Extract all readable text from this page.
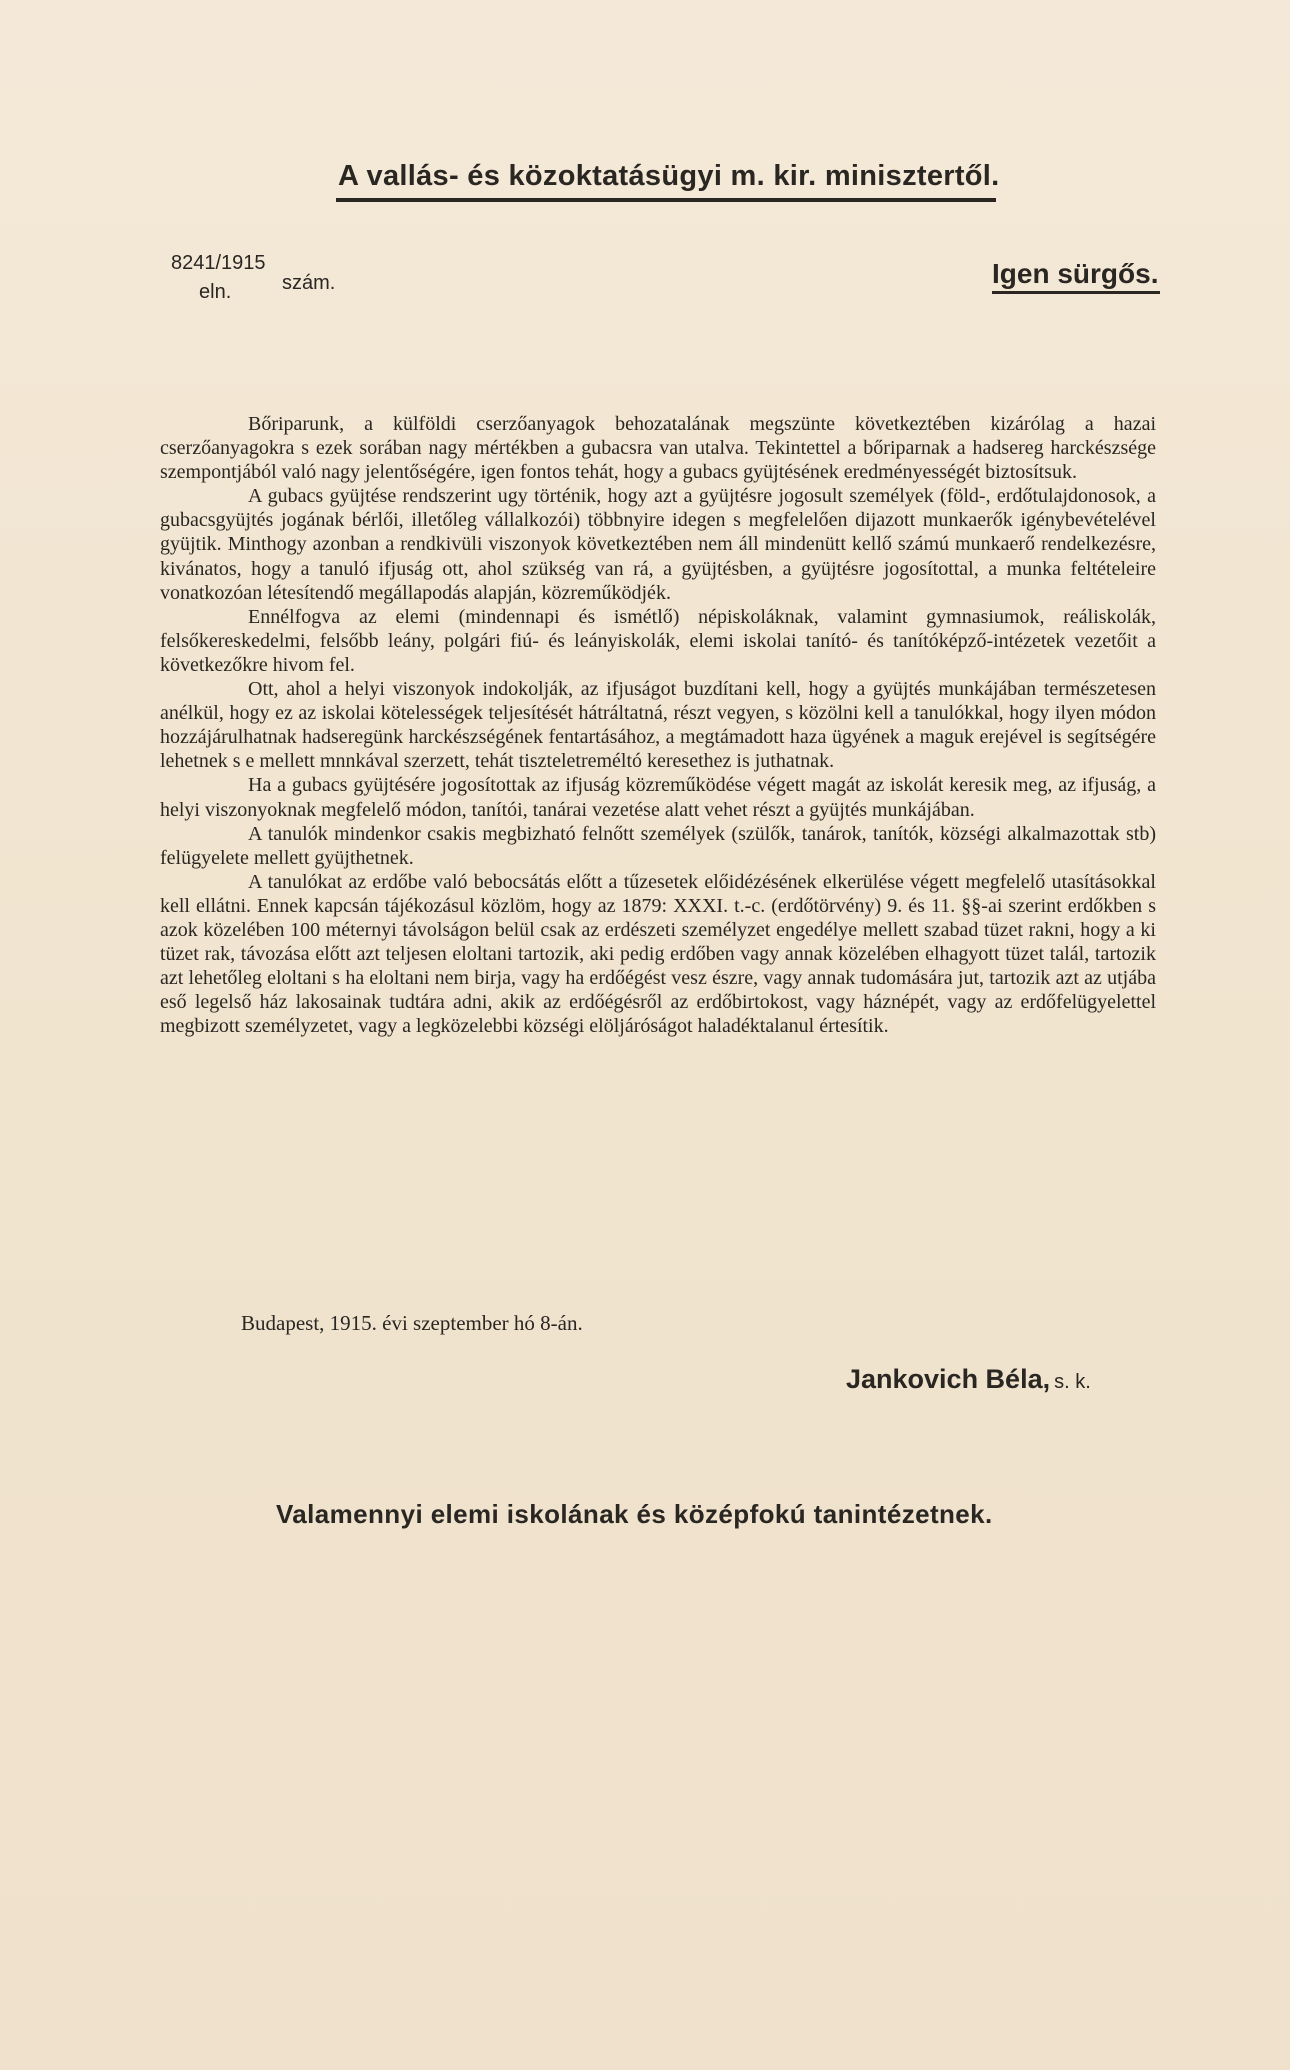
A vallás- és közoktatásügyi m. kir. minisztertől.
8241/1915
eln.	szám.	Igen sürgős.

Bőriparunk, a külföldi cserzőanyagok behozatalának megszünte következtében kizárólag a hazai cserzőanyagokra s ezek sorában nagy mértékben a gubacsra van utalva. Tekintettel a bőriparnak a hadsereg harckészsége szempontjából való nagy jelentőségére, igen fontos tehát, hogy a gubacs gyüjtésének eredményességét biztosítsuk.

A gubacs gyüjtése rendszerint ugy történik, hogy azt a gyüjtésre jogosult személyek (föld-, erdőtulajdonosok, a gubacsgyüjtés jogának bérlői, illetőleg vállalkozói) többnyire idegen s megfelelően dijazott munkaerők igénybevételével gyüjtik. Minthogy azonban a rendkivüli viszonyok következtében nem áll mindenütt kellő számú munkaerő rendelkezésre, kivánatos, hogy a tanuló ifjuság ott, ahol szükség van rá, a gyüjtésben, a gyüjtésre jogosítottal, a munka feltételeire vonatkozóan létesítendő megállapodás alapján, közreműködjék.

Ennélfogva az elemi (mindennapi és ismétlő) népiskoláknak, valamint gymnasiumok, reáliskolák, felsőkereskedelmi, felsőbb leány, polgári fiú- és leányiskolák, elemi iskolai tanító- és tanítóképző-intézetek vezetőit a következőkre hivom fel.

Ott, ahol a helyi viszonyok indokolják, az ifjuságot buzdítani kell, hogy a gyüjtés munkájában természetesen anélkül, hogy ez az iskolai kötelességek teljesítését hátráltatná, részt vegyen, s közölni kell a tanulókkal, hogy ilyen módon hozzájárulhatnak hadseregünk harckészségének fentartásához, a megtámadott haza ügyének a maguk erejével is segítségére lehetnek s e mellett mnnkával szerzett, tehát tiszteletreméltó keresethez is juthatnak.

Ha a gubacs gyüjtésére jogosítottak az ifjuság közreműködése végett magát az iskolát keresik meg, az ifjuság, a helyi viszonyoknak megfelelő módon, tanítói, tanárai vezetése alatt vehet részt a gyüjtés munkájában.

A tanulók mindenkor csakis megbizható felnőtt személyek (szülők, tanárok, tanítók, községi alkalmazottak stb) felügyelete mellett gyüjthetnek.

A tanulókat az erdőbe való bebocsátás előtt a tűzesetek előidézésének elkerülése végett megfelelő utasításokkal kell ellátni. Ennek kapcsán tájékozásul közlöm, hogy az 1879: XXXI. t.-c. (erdőtörvény) 9. és 11. §§-ai szerint erdőkben s azok közelében 100 méternyi távolságon belül csak az erdészeti személyzet engedélye mellett szabad tüzet rakni, hogy a ki tüzet rak, távozása előtt azt teljesen eloltani tartozik, aki pedig erdőben vagy annak közelében elhagyott tüzet talál, tartozik azt lehetőleg eloltani s ha eloltani nem birja, vagy ha erdőégést vesz észre, vagy annak tudomására jut, tartozik azt az utjába eső legelső ház lakosainak tudtára adni, akik az erdőégésről az erdőbirtokost, vagy háznépét, vagy az erdőfelügyelettel megbizott személyzetet, vagy a legközelebbi községi elöljáróságot haladéktalanul értesítik.

Budapest, 1915. évi szeptember hó 8-án.
Jankovich Béla, s. k.
Valamennyi elemi iskolának és középfokú tanintézetnek.
